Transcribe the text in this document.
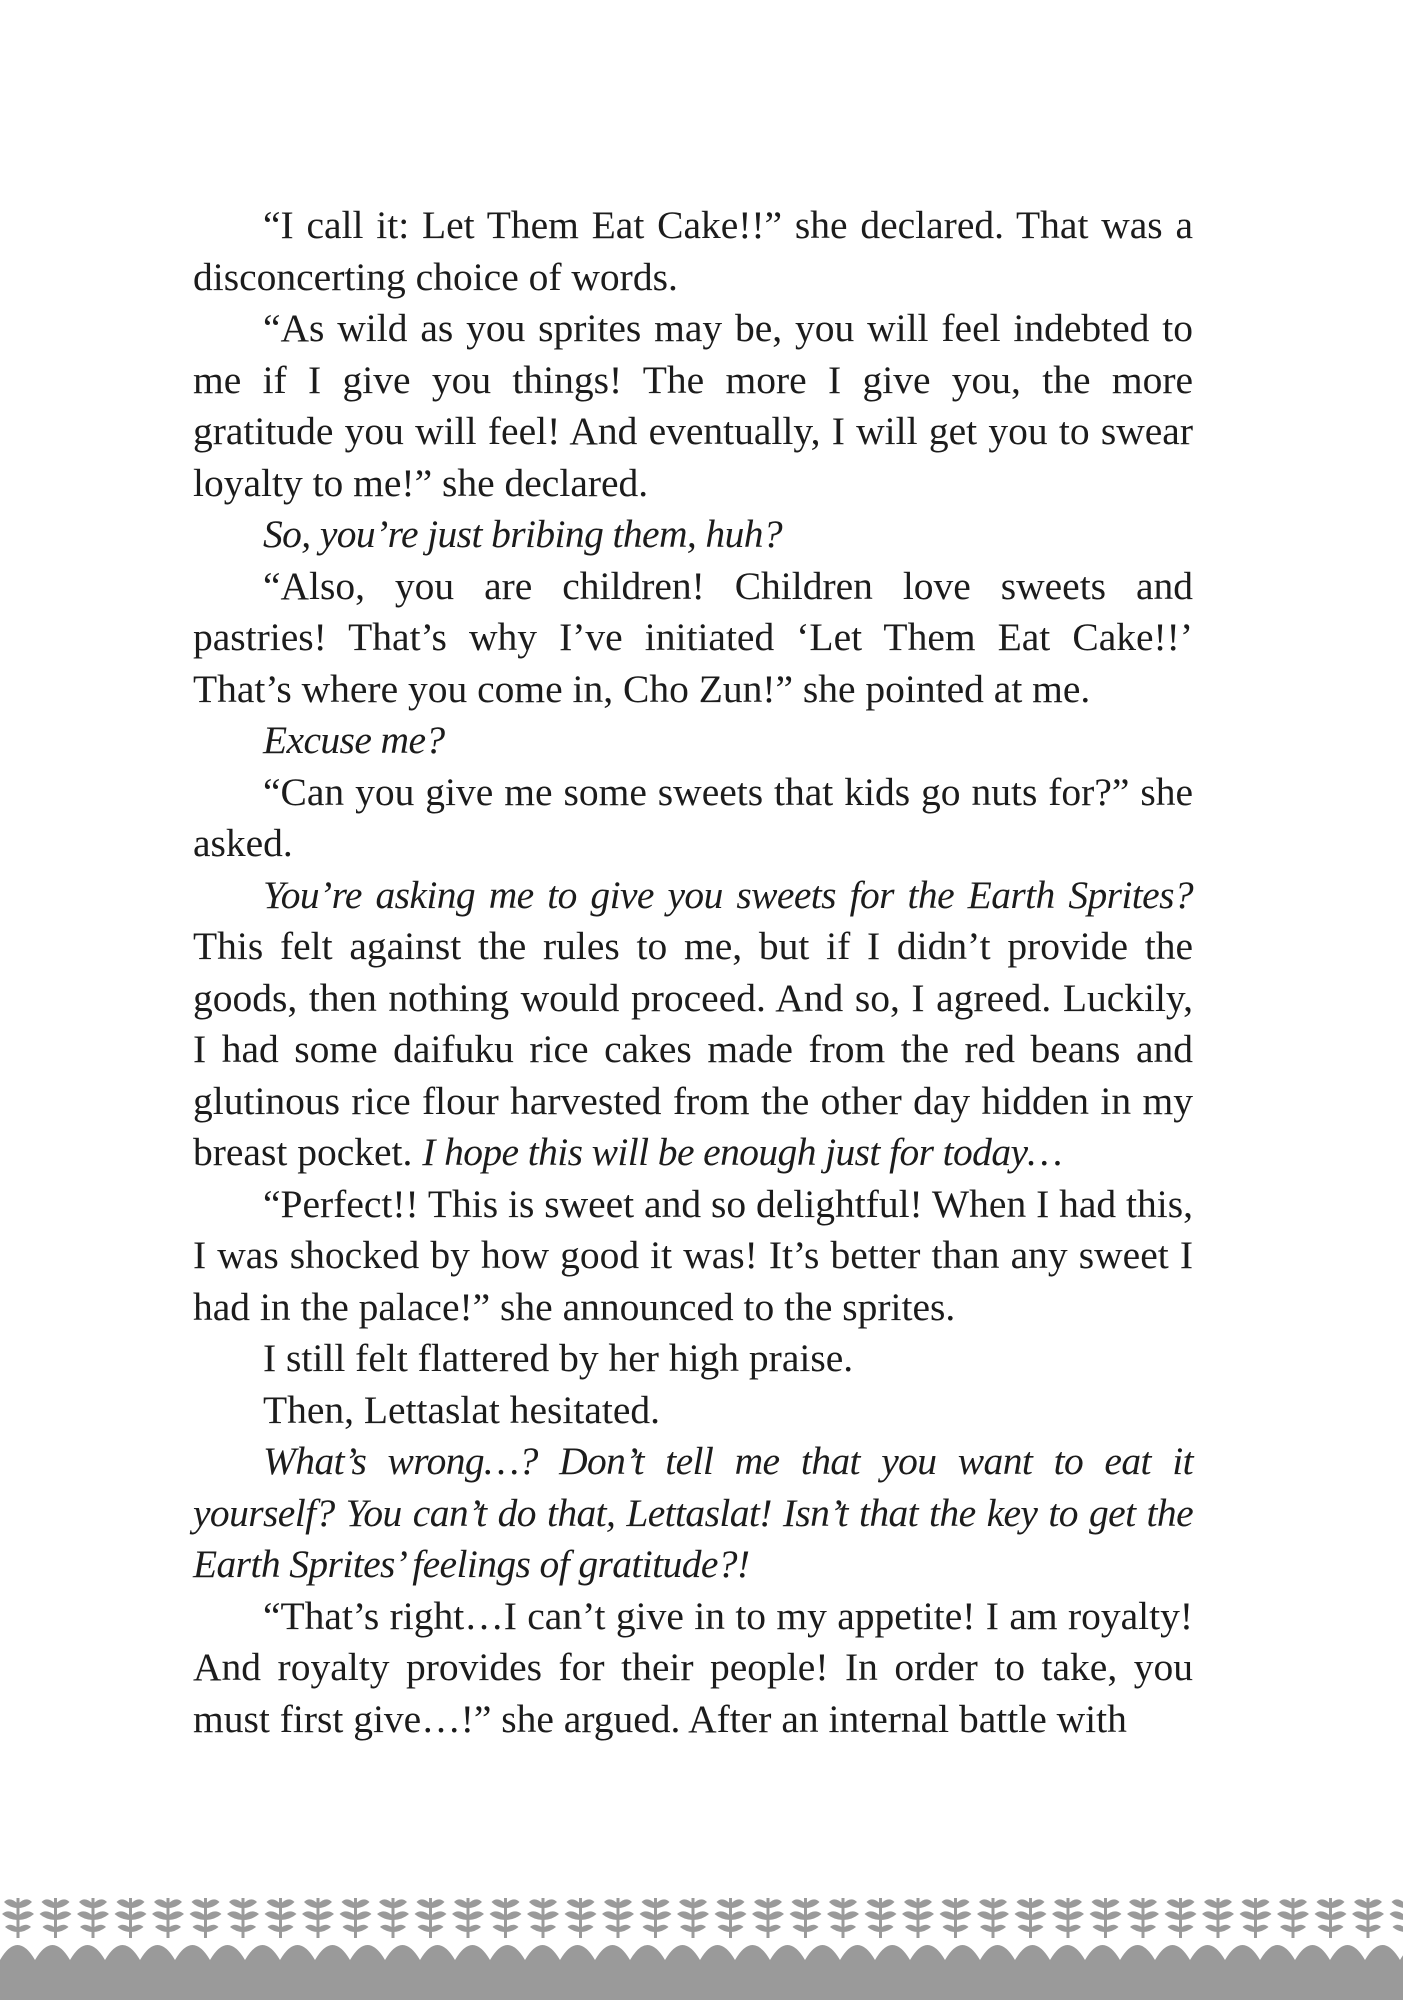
“I call it: Let Them Eat Cake!!” she declared. That was a disconcerting choice of words.

“As wild as you sprites may be, you will feel indebted to me if I give you things! The more I give you, the more gratitude you will feel! And eventually, I will get you to swear loyalty to me!” she declared.

So, you’re just bribing them, huh?

“Also, you are children! Children love sweets and pastries! That’s why I’ve initiated ‘Let Them Eat Cake!!’ That’s where you come in, Cho Zun!” she pointed at me.

Excuse me?

“Can you give me some sweets that kids go nuts for?” she asked.

You’re asking me to give you sweets for the Earth Sprites? This felt against the rules to me, but if I didn’t provide the goods, then nothing would proceed. And so, I agreed. Luckily, I had some daifuku rice cakes made from the red beans and glutinous rice flour harvested from the other day hidden in my breast pocket. I hope this will be enough just for today…

“Perfect!! This is sweet and so delightful! When I had this, I was shocked by how good it was! It’s better than any sweet I had in the palace!” she announced to the sprites.

I still felt flattered by her high praise.

Then, Lettaslat hesitated.

What’s wrong…? Don’t tell me that you want to eat it yourself? You can’t do that, Lettaslat! Isn’t that the key to get the Earth Sprites’ feelings of gratitude?!

“That’s right…I can’t give in to my appetite! I am royalty! And royalty provides for their people! In order to take, you must first give…!” she argued. After an internal battle with
